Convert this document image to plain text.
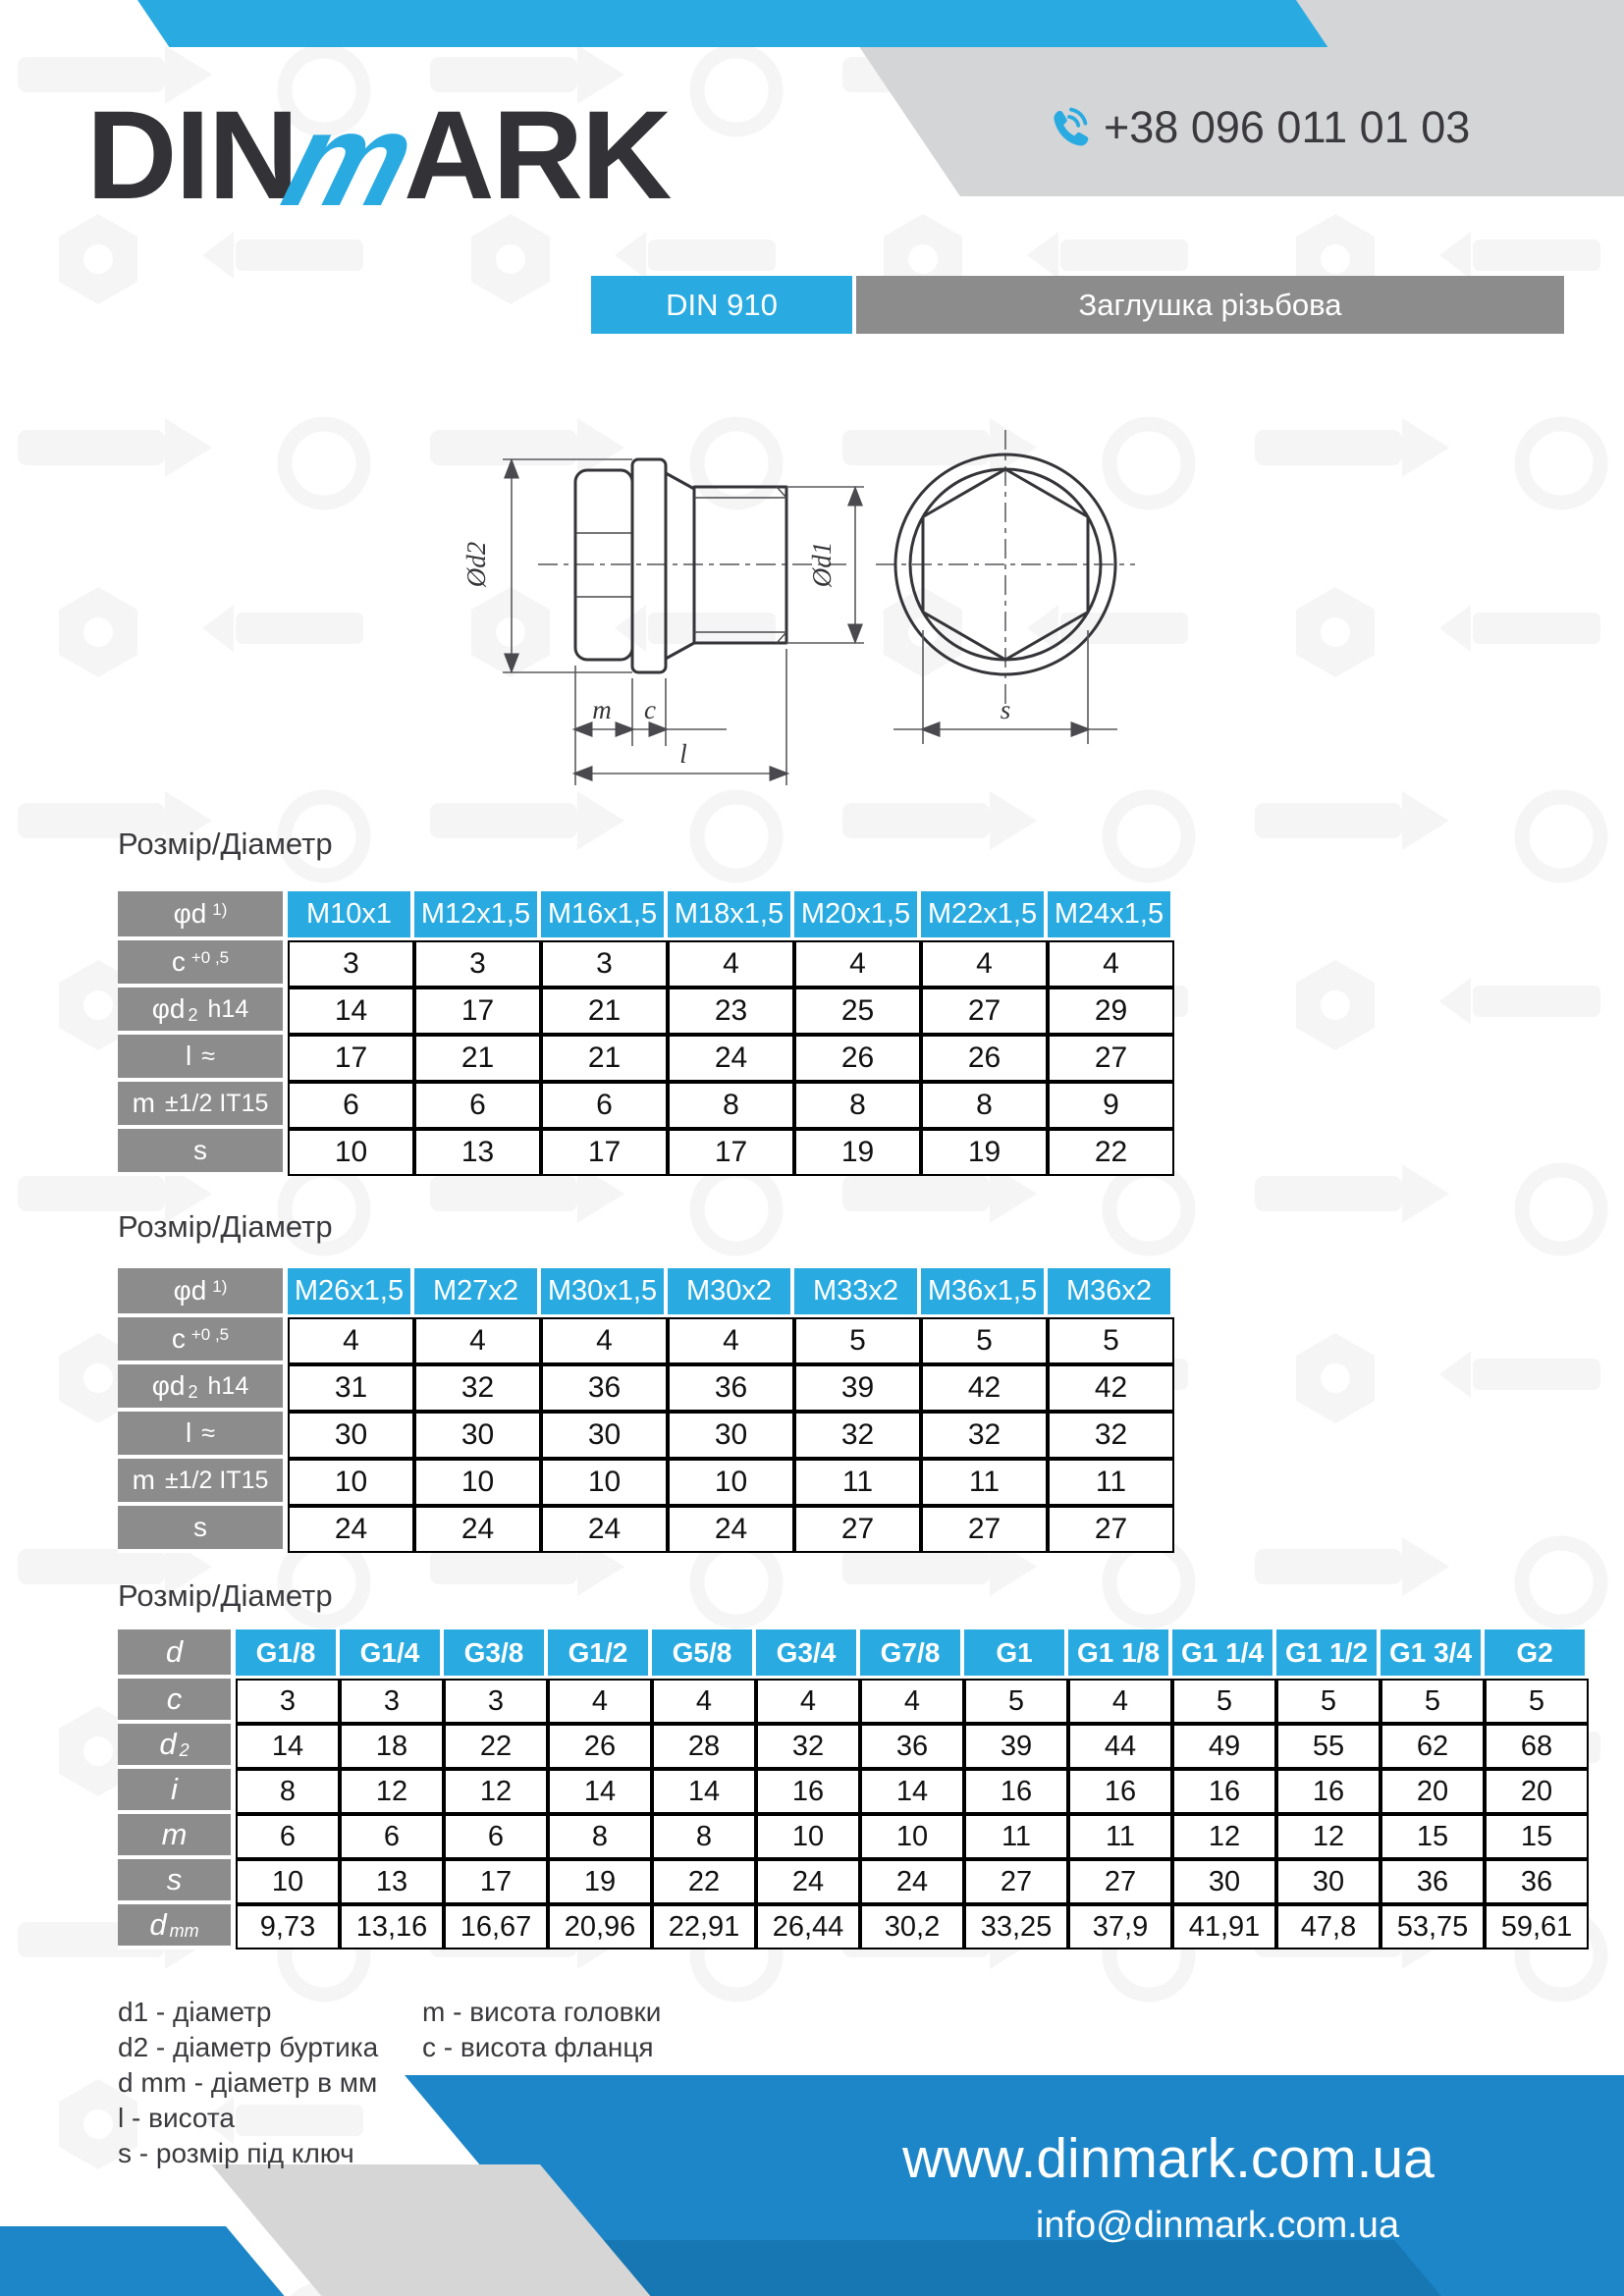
DINmARK	+38 096 011 01 03
DIN 910	Заглушка різьбова
Ød2	Ød1
m c
l
s
Розмір/Діаметр
Розмір/Діаметр
Розмір/Діаметр
φd 1)	M10x1	M12x1,5 M16x1,5 M18x1,5 M20x1,5 M22x1,5 M24x1,5
c +0 ,5	3	3	3	4	4	4	4
$\varphi d_2$ h14	14	17	21	23	25	27	29
l ≈	17	21	21	24	26	26	27
m ±1/2 IT15	6	6	6	8	8	8	9
s	10	13	17	17	19	19	22
φd 1) M26x1,5	M27x2	M30x1,5	M30x2	M33x2	M36x1,5	M36x2
c +0 ,5	4	4	4	4	5	5	5
$\varphi d_2$ h14	31	32	36	36	39	42	42
l ≈	30	30	30	30	32	32	32
m ±1/2 IT15	10	10	10	10	11	11	11
s	24	24	24	24	27	27	27
d	G1/8	G1/4	G3/8	G1/2	G5/8	G3/4	G7/8	G1	G1 1/8 G1 1/4 G1 1/2 G1 3/4	G2
c	3	3	3	4	4	4	4	5	4	5	5	5	5
d 2	14	18	22	26	28	32	36	39	44	49	55	62	68
i	8	12	12	14	14	16	14	16	16	16	16	20	20
m	6	6	6	8	8	10	10	11	11	12	12	15	15
s	10	13	17	19	22	24	24	27	27	30	30	36	36
d mm	9,73	13,16	16,67	20,96	22,91	26,44	30,2	33,25	37,9	41,91	47,8	53,75	59,61
d1 - діаметр
d2 - діаметр буртика
d mm - діаметр в мм
l - висота
s - розмір під ключ
m - висота головки
c - висота фланця
www.dinmark.com.ua
info@dinmark.com.ua
